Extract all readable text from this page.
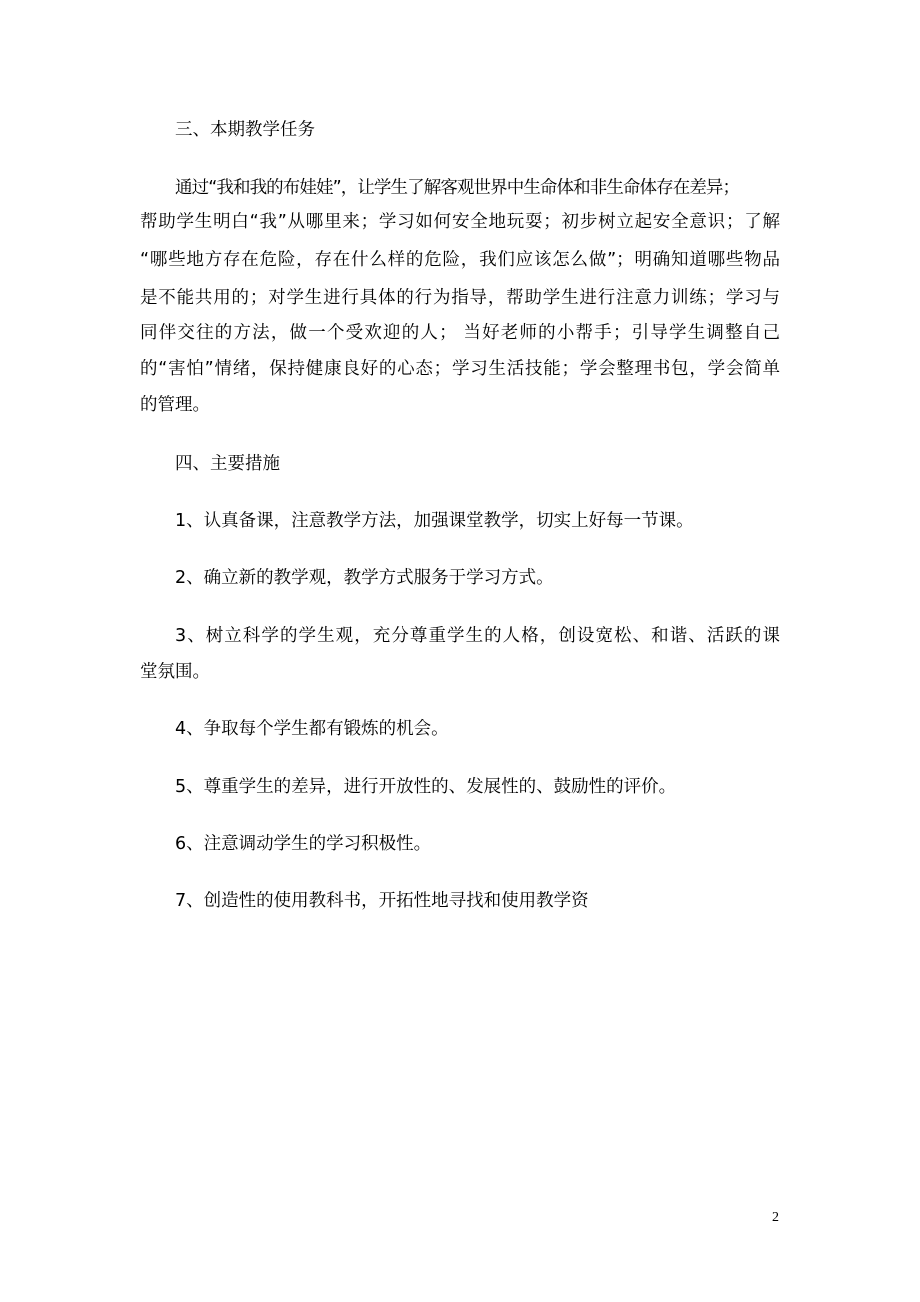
三、本期教学任务

通过“我和我的布娃娃”，让学生了解客观世界中生命体和非生命体存在差异；

帮助学生明白“我”从哪里来；学习如何安全地玩耍；初步树立起安全意识；了解

“哪些地方存在危险，存在什么样的危险，我们应该怎么做”；明确知道哪些物品

是不能共用的；对学生进行具体的行为指导，帮助学生进行注意力训练；学习与

同伴交往的方法，做一个受欢迎的人； 当好老师的小帮手；引导学生调整自己

的“害怕”情绪，保持健康良好的心态；学习生活技能；学会整理书包，学会简单

的管理。

四、主要措施

1、认真备课，注意教学方法，加强课堂教学，切实上好每一节课。

2、确立新的教学观，教学方式服务于学习方式。

3、树立科学的学生观，充分尊重学生的人格，创设宽松、和谐、活跃的课

堂氛围。

4、争取每个学生都有锻炼的机会。

5、尊重学生的差异，进行开放性的、发展性的、鼓励性的评价。

6、注意调动学生的学习积极性。

7、创造性的使用教科书，开拓性地寻找和使用教学资

2
